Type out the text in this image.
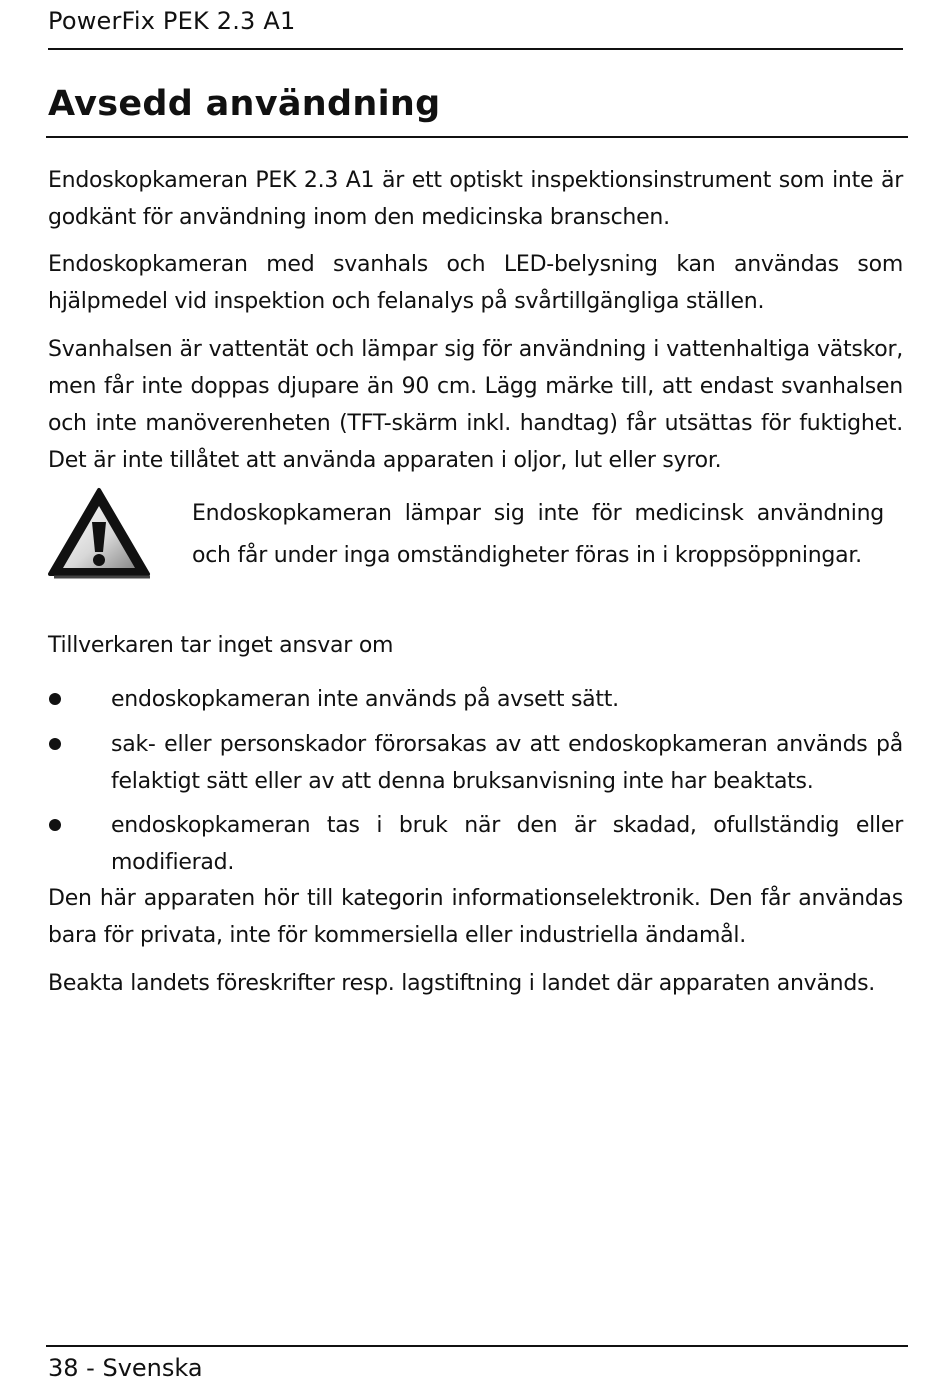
PowerFix PEK 2.3 A1
Avsedd användning

Endoskopkameran PEK 2.3 A1 är ett optiskt inspektionsinstrument som inte är godkänt för användning inom den medicinska branschen.

Endoskopkameran med svanhals och LED-belysning kan användas som hjälpmedel vid inspektion och felanalys på svårtillgängliga ställen.

Svanhalsen är vattentät och lämpar sig för användning i vattenhaltiga vätskor, men får inte doppas djupare än 90 cm. Lägg märke till, att endast svanhalsen och inte manöverenheten (TFT-skärm inkl. handtag) får utsättas för fuktighet. Det är inte tillåtet att använda apparaten i oljor, lut eller syror.

Endoskopkameran lämpar sig inte för medicinsk användning och får under inga omständigheter föras in i kroppsöppningar.

Tillverkaren tar inget ansvar om

endoskopkameran inte används på avsett sätt.

sak- eller personskador förorsakas av att endoskopkameran används på felaktigt sätt eller av att denna bruksanvisning inte har beaktats.

endoskopkameran tas i bruk när den är skadad, ofullständig eller modifierad.

Den här apparaten hör till kategorin informationselektronik. Den får användas bara för privata, inte för kommersiella eller industriella ändamål.

Beakta landets föreskrifter resp. lagstiftning i landet där apparaten används.

38 - Svenska
